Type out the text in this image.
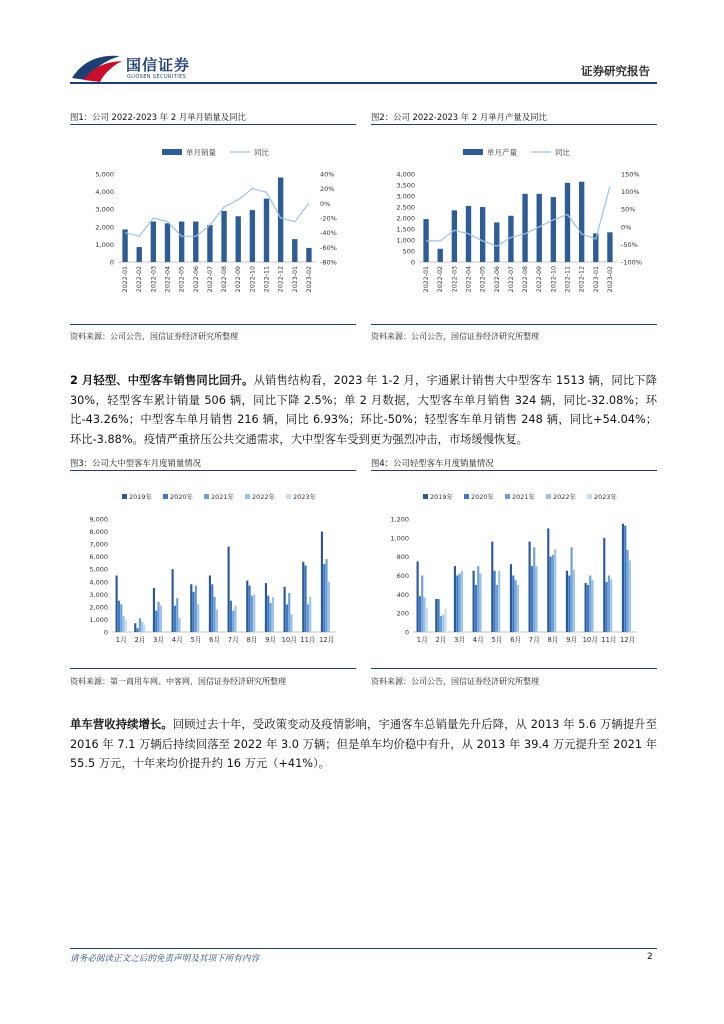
国信证券
GUOSEN SECURITIES	证券研究报告
图1：公司 2022-2023 年 2 月单月销量及同比
单月销量	同比
0
1,000
2,000
3,000
4,000
5,000
-80%
-60%
-40%
-20%
0%
20%
40%
2022-01 2022-02 2022-03 2022-04 2022-05 2022-06 2022-07 2022-08 2022-09 2022-10 2022-11 2022-12 2023-01 2023-02
资料来源：公司公告，国信证券经济研究所整理
图2：公司 2022-2023 年 2 月单月产量及同比
单月产量	同比
0
500
1,000
1,500
2,000
2,500
3,000
3,500
4,000
-100%
-50%
0%
50%
100%
150%
2022-01 2022-02 2022-03 2022-04 2022-05 2022-06 2022-07 2022-08 2022-09 2022-10 2022-11 2022-12 2023-01 2023-02
资料来源：公司公告，国信证券经济研究所整理
2 月轻型、中型客车销售同比回升。从销售结构看，2023 年 1-2 月，宇通累计销售大中型客车 1513 辆，同比下降 30%，轻型客车累计销量 506 辆，同比下降 2.5%；单 2 月数据，大型客车单月销售 324 辆，同比-32.08%；环比-43.26%；中型客车单月销售 216 辆，同比 6.93%；环比-50%；轻型客车单月销售 248 辆，同比+54.04%；环比-3.88%。疫情严重挤压公共交通需求，大中型客车受到更为强烈冲击，市场缓慢恢复。
图3：公司大中型客车月度销量情况
2019年	2020年	2021年	2022年	2023年
0
1,000
2,000
3,000
4,000
5,000
6,000
7,000
8,000
9,000
1月 2月 3月 4月 5月 6月 7月 8月 9月 10月 11月 12月
资料来源：第一商用车网、中客网，国信证券经济研究所整理
图4：公司轻型客车月度销量情况
2019年	2020年	2021年	2022年	2023年
0
200
400
600
800
1,000
1,200
1月 2月 3月 4月 5月 6月 7月 8月 9月 10月 11月 12月
资料来源：公司公告，国信证券经济研究所整理
单车营收持续增长。回顾过去十年，受政策变动及疫情影响，宇通客车总销量先升后降，从 2013 年 5.6 万辆提升至 2016 年 7.1 万辆后持续回落至 2022 年 3.0 万辆；但是单车均价稳中有升，从 2013 年 39.4 万元提升至 2021 年 55.5 万元，十年来均价提升约 16 万元（+41%）。
请务必阅读正文之后的免责声明及其项下所有内容	2
